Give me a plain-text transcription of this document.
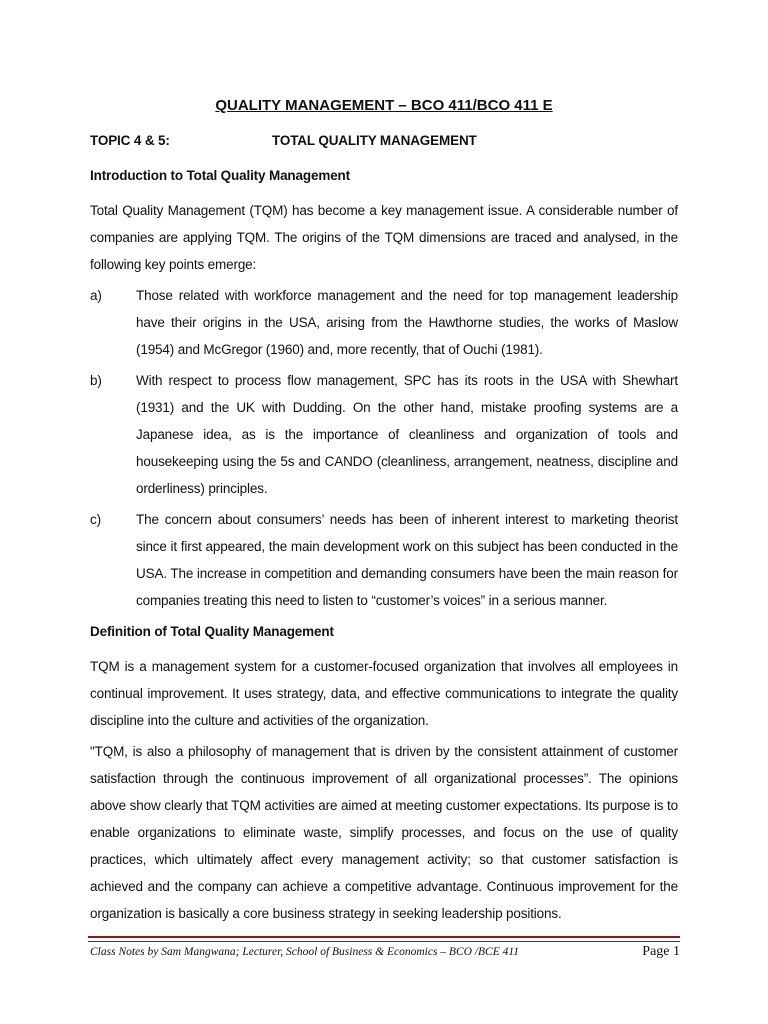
QUALITY MANAGEMENT – BCO 411/BCO 411 E
TOPIC 4 & 5:	TOTAL QUALITY MANAGEMENT
Introduction to Total Quality Management

Total Quality Management (TQM) has become a key management issue. A considerable number of companies are applying TQM. The origins of the TQM dimensions are traced and analysed, in the following key points emerge:

a)	Those related with workforce management and the need for top management leadership have their origins in the USA, arising from the Hawthorne studies, the works of Maslow (1954) and McGregor (1960) and, more recently, that of Ouchi (1981).
b)	With respect to process flow management, SPC has its roots in the USA with Shewhart (1931) and the UK with Dudding. On the other hand, mistake proofing systems are a Japanese idea, as is the importance of cleanliness and organization of tools and housekeeping using the 5s and CANDO (cleanliness, arrangement, neatness, discipline and orderliness) principles.
c)	The concern about consumers’ needs has been of inherent interest to marketing theorist since it first appeared, the main development work on this subject has been conducted in the USA. The increase in competition and demanding consumers have been the main reason for companies treating this need to listen to “customer’s voices” in a serious manner.
Definition of Total Quality Management

TQM is a management system for a customer-focused organization that involves all employees in continual improvement. It uses strategy, data, and effective communications to integrate the quality discipline into the culture and activities of the organization.

"TQM, is also a philosophy of management that is driven by the consistent attainment of customer satisfaction through the continuous improvement of all organizational processes”. The opinions above show clearly that TQM activities are aimed at meeting customer expectations. Its purpose is to enable organizations to eliminate waste, simplify processes, and focus on the use of quality practices, which ultimately affect every management activity; so that customer satisfaction is achieved and the company can achieve a competitive advantage. Continuous improvement for the organization is basically a core business strategy in seeking leadership positions.

Class Notes by Sam Mangwana; Lecturer, School of Business & Economics – BCO /BCE 411	Page 1
